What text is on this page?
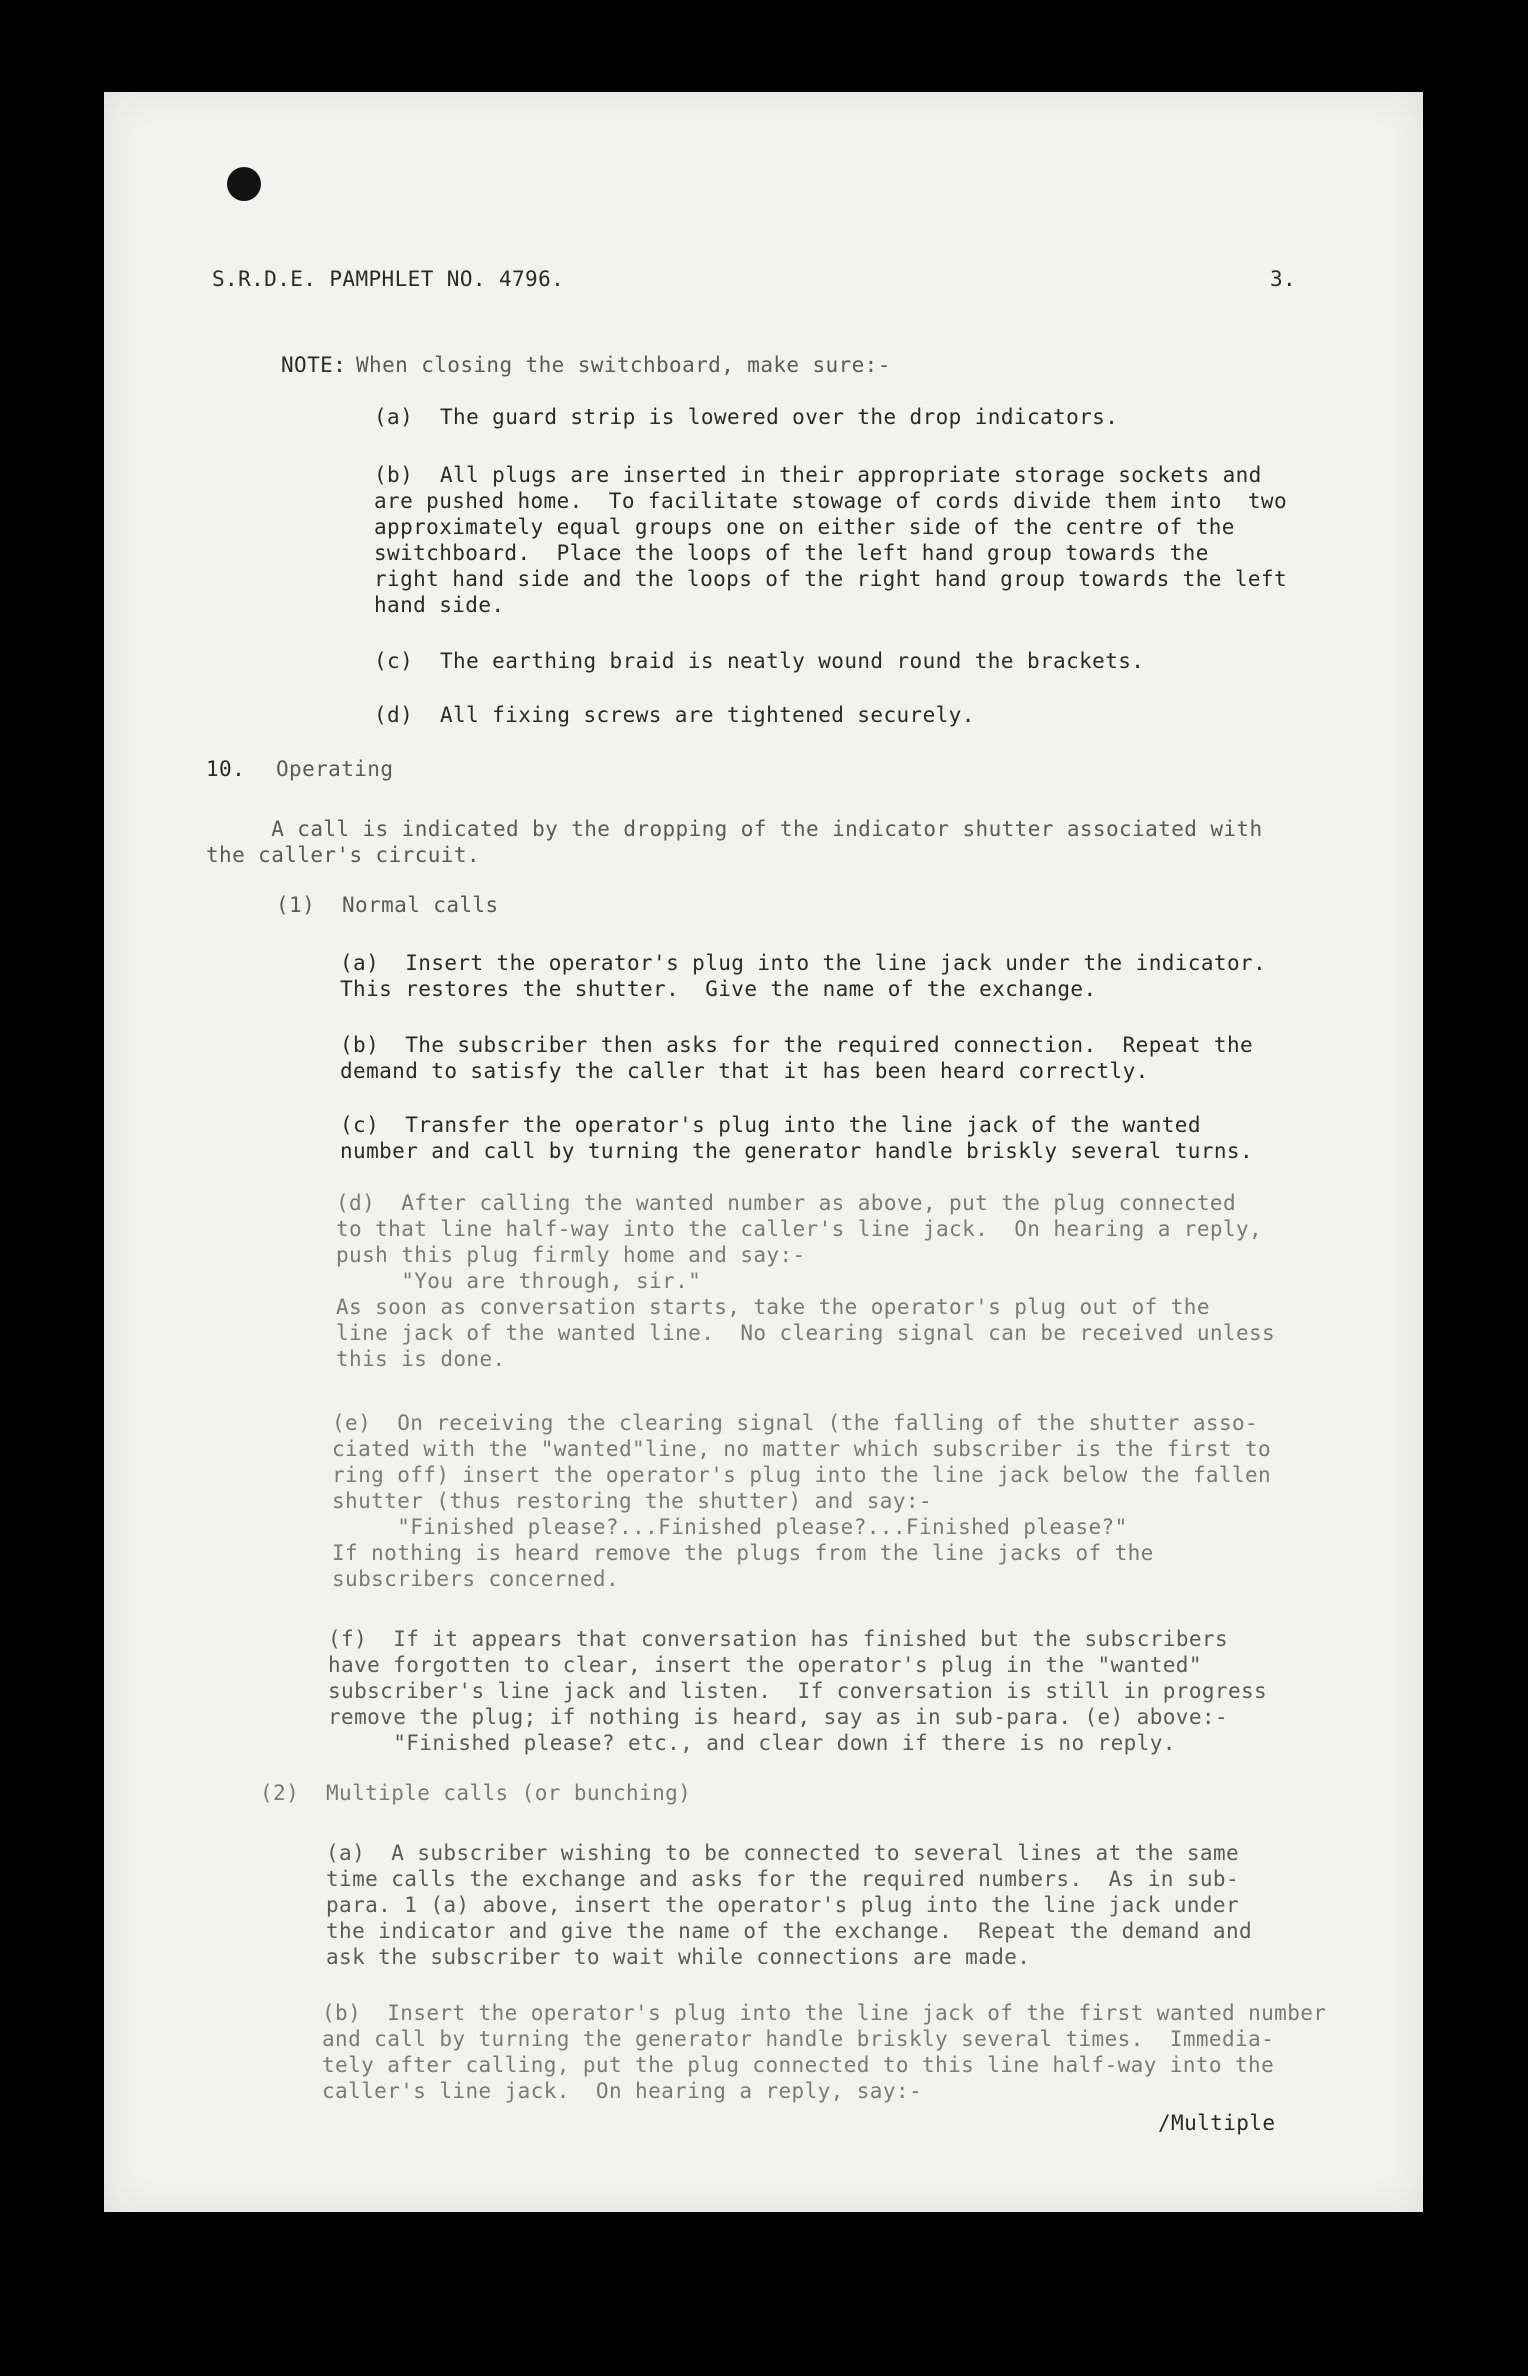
S.R.D.E. PAMPHLET NO. 4796.	3.

NOTE: When closing the switchboard, make sure:-

(a) The guard strip is lowered over the drop indicators.

(b)	All plugs are inserted in their appropriate storage sockets and
are pushed home.  To facilitate stowage of cords divide them into  two
approximately equal groups one on either side of the centre of the
switchboard.  Place the loops of the left hand group towards the
right hand side and the loops of the right hand group towards the left
hand side.

(c) The earthing braid is neatly wound round the brackets.

(d) All fixing screws are tightened securely.

10. Operating

A call is indicated by the dropping of the indicator shutter associated with
the caller's circuit.

(1) Normal calls

(a) Insert the operator's plug into the line jack under the indicator.
This restores the shutter.  Give the name of the exchange.

(b) The subscriber then asks for the required connection.  Repeat the
demand to satisfy the caller that it has been heard correctly.

(c) Transfer the operator's plug into the line jack of the wanted
number and call by turning the generator handle briskly several turns.

(d) After calling the wanted number as above, put the plug connected
to that line half-way into the caller's line jack.  On hearing a reply,
push this plug firmly home and say:-
"You are through, sir."
As soon as conversation starts, take the operator's plug out of the
line jack of the wanted line.  No clearing signal can be received unless
this is done.

(e) On receiving the clearing signal (the falling of the shutter asso-
ciated with the "wanted"line, no matter which subscriber is the first to
ring off) insert the operator's plug into the line jack below the fallen
shutter (thus restoring the shutter) and say:-
"Finished please?...Finished please?...Finished please?"
If nothing is heard remove the plugs from the line jacks of the
subscribers concerned.

(f) If it appears that conversation has finished but the subscribers
have forgotten to clear, insert the operator's plug in the "wanted"
subscriber's line jack and listen.  If conversation is still in progress
remove the plug; if nothing is heard, say as in sub-para. (e) above:-
"Finished please? etc., and clear down if there is no reply.

(2) Multiple calls (or bunching)

(a) A subscriber wishing to be connected to several lines at the same
time calls the exchange and asks for the required numbers.  As in sub-
para. 1 (a) above, insert the operator's plug into the line jack under
the indicator and give the name of the exchange.  Repeat the demand and
ask the subscriber to wait while connections are made.

(b) Insert the operator's plug into the line jack of the first wanted number
and call by turning the generator handle briskly several times.  Immedia-
tely after calling, put the plug connected to this line half-way into the
caller's line jack.  On hearing a reply, say:-

/Multiple
